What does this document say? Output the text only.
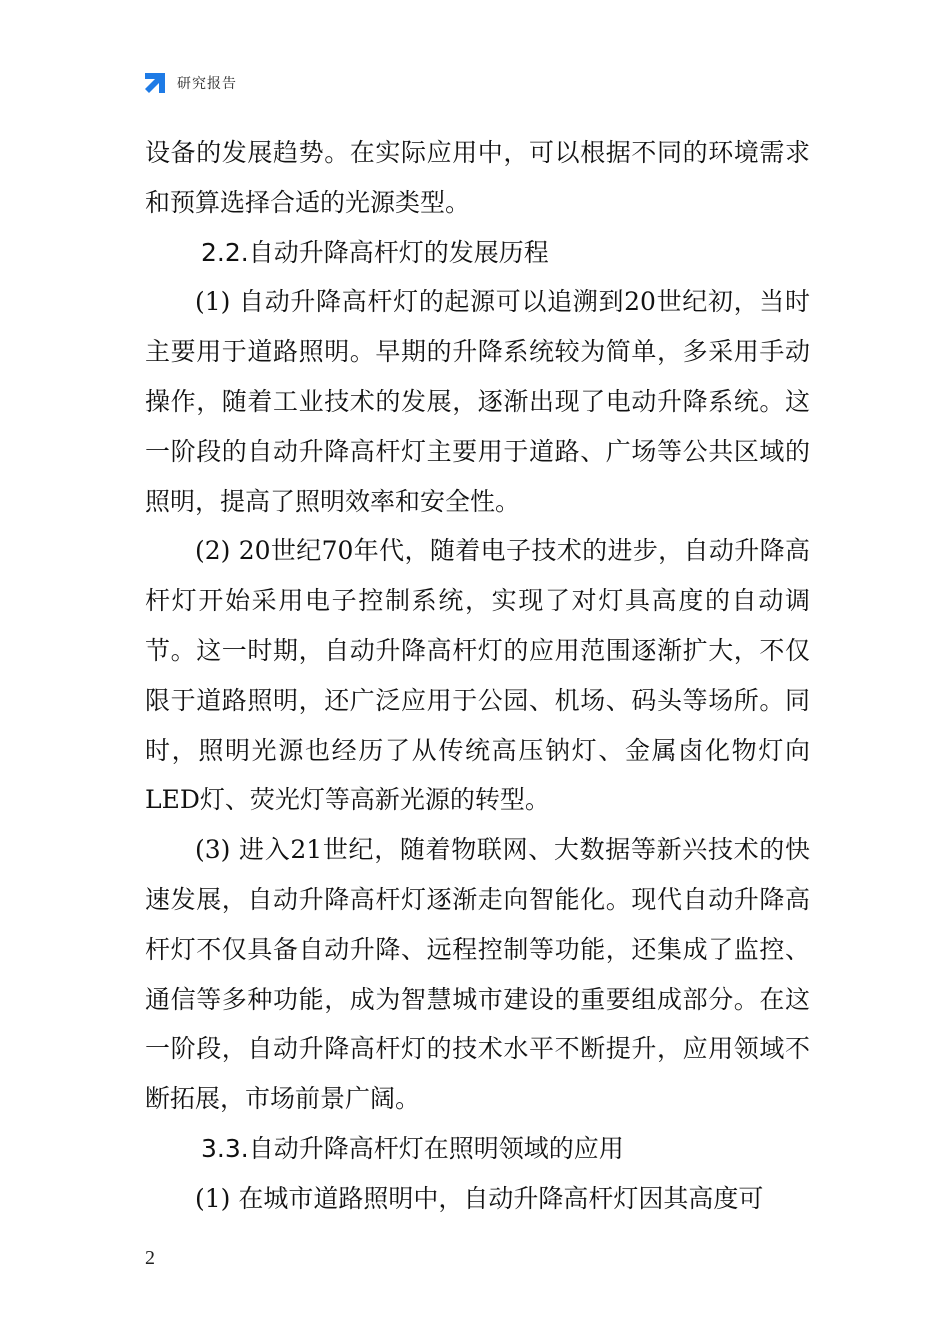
研究报告

设备的发展趋势。在实际应用中，可以根据不同的环境需求和预算选择合适的光源类型。

2.2.自动升降高杆灯的发展历程

(1) 自动升降高杆灯的起源可以追溯到20世纪初，当时主要用于道路照明。早期的升降系统较为简单，多采用手动操作，随着工业技术的发展，逐渐出现了电动升降系统。这一阶段的自动升降高杆灯主要用于道路、广场等公共区域的照明，提高了照明效率和安全性。

(2) 20世纪70年代，随着电子技术的进步，自动升降高杆灯开始采用电子控制系统，实现了对灯具高度的自动调节。这一时期，自动升降高杆灯的应用范围逐渐扩大，不仅限于道路照明，还广泛应用于公园、机场、码头等场所。同时，照明光源也经历了从传统高压钠灯、金属卤化物灯向LED灯、荧光灯等高新光源的转型。

(3) 进入21世纪，随着物联网、大数据等新兴技术的快速发展，自动升降高杆灯逐渐走向智能化。现代自动升降高杆灯不仅具备自动升降、远程控制等功能，还集成了监控、通信等多种功能，成为智慧城市建设的重要组成部分。在这一阶段，自动升降高杆灯的技术水平不断提升，应用领域不断拓展，市场前景广阔。

3.3.自动升降高杆灯在照明领域的应用

(1) 在城市道路照明中，自动升降高杆灯因其高度可

2
